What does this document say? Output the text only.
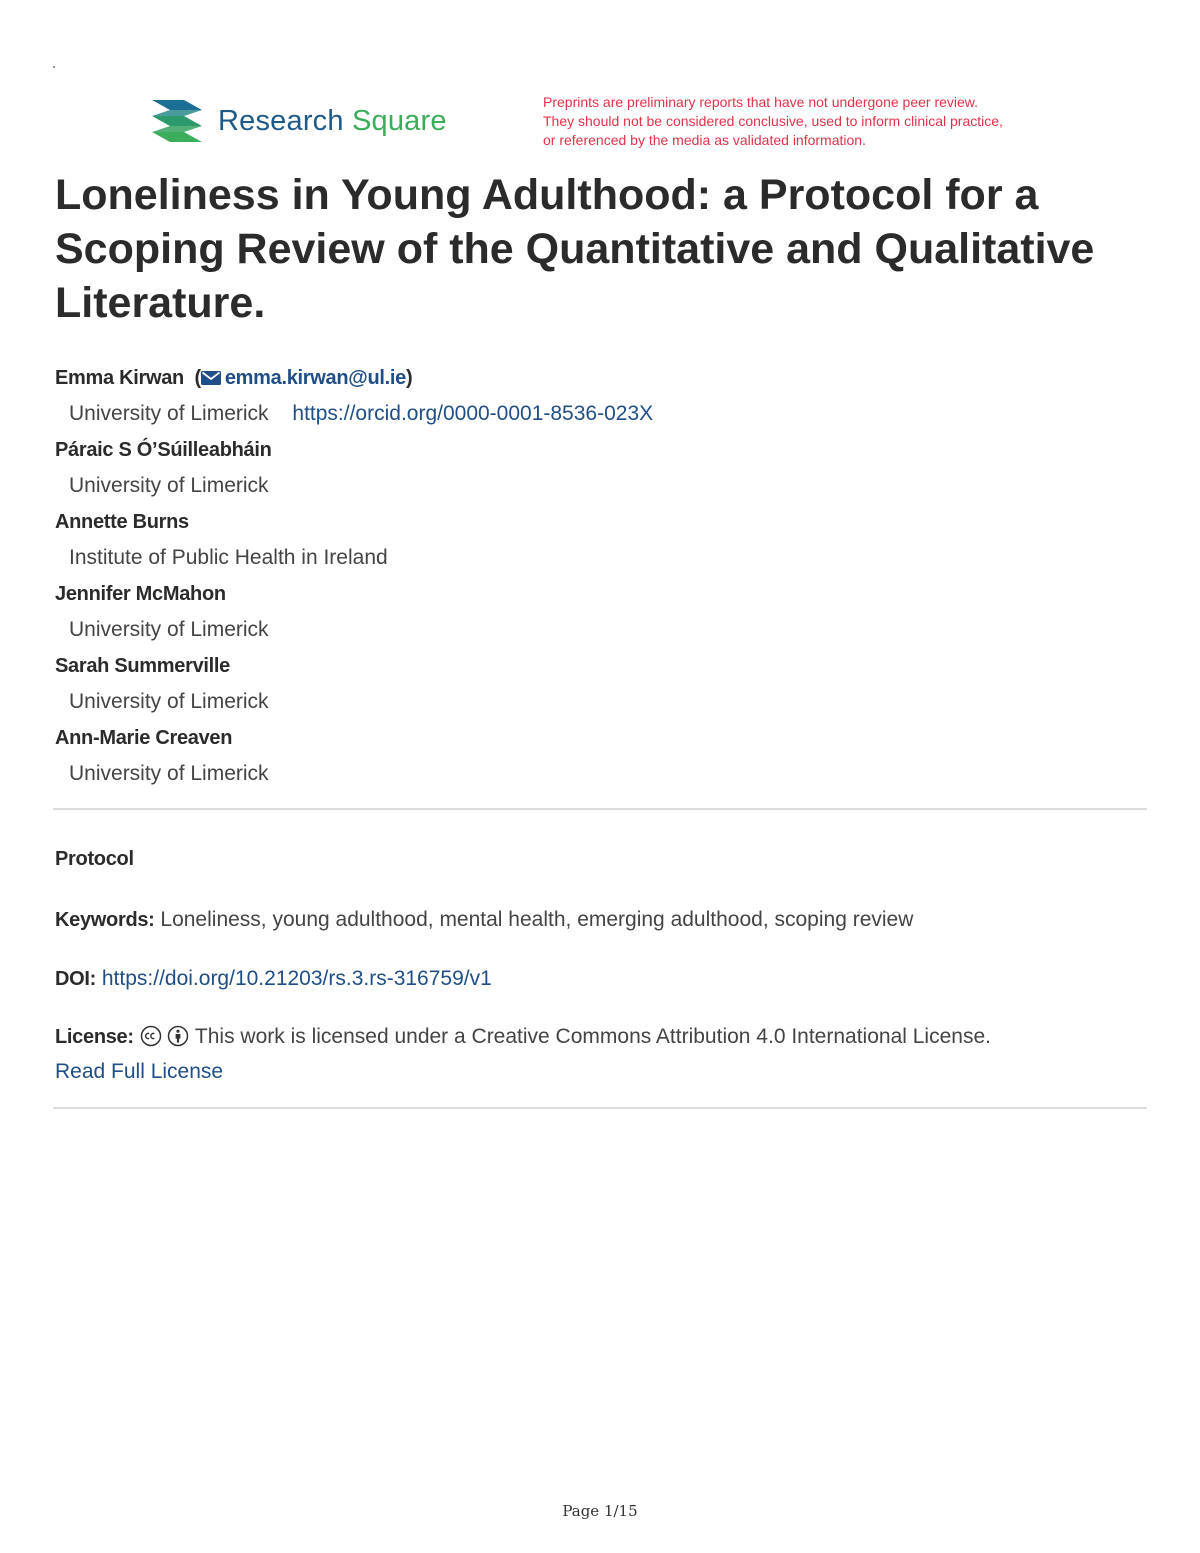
Research Square
Preprints are preliminary reports that have not undergone peer review.
They should not be considered conclusive, used to inform clinical practice,
or referenced by the media as validated information.
Loneliness in Young Adulthood: a Protocol for a Scoping Review of the Quantitative and Qualitative Literature.
Emma Kirwan  ( emma.kirwan@ul.ie)
University of Limerick https://orcid.org/0000-0001-8536-023X
Páraic S Ó’Súilleabháin
University of Limerick
Annette Burns
Institute of Public Health in Ireland
Jennifer McMahon
University of Limerick
Sarah Summerville
University of Limerick
Ann-Marie Creaven
University of Limerick
Protocol
Keywords: Loneliness, young adulthood, mental health, emerging adulthood, scoping review
DOI: https://doi.org/10.21203/rs.3.rs-316759/v1
License:	This work is licensed under a Creative Commons Attribution 4.0 International License.
Read Full License
Page 1/15
